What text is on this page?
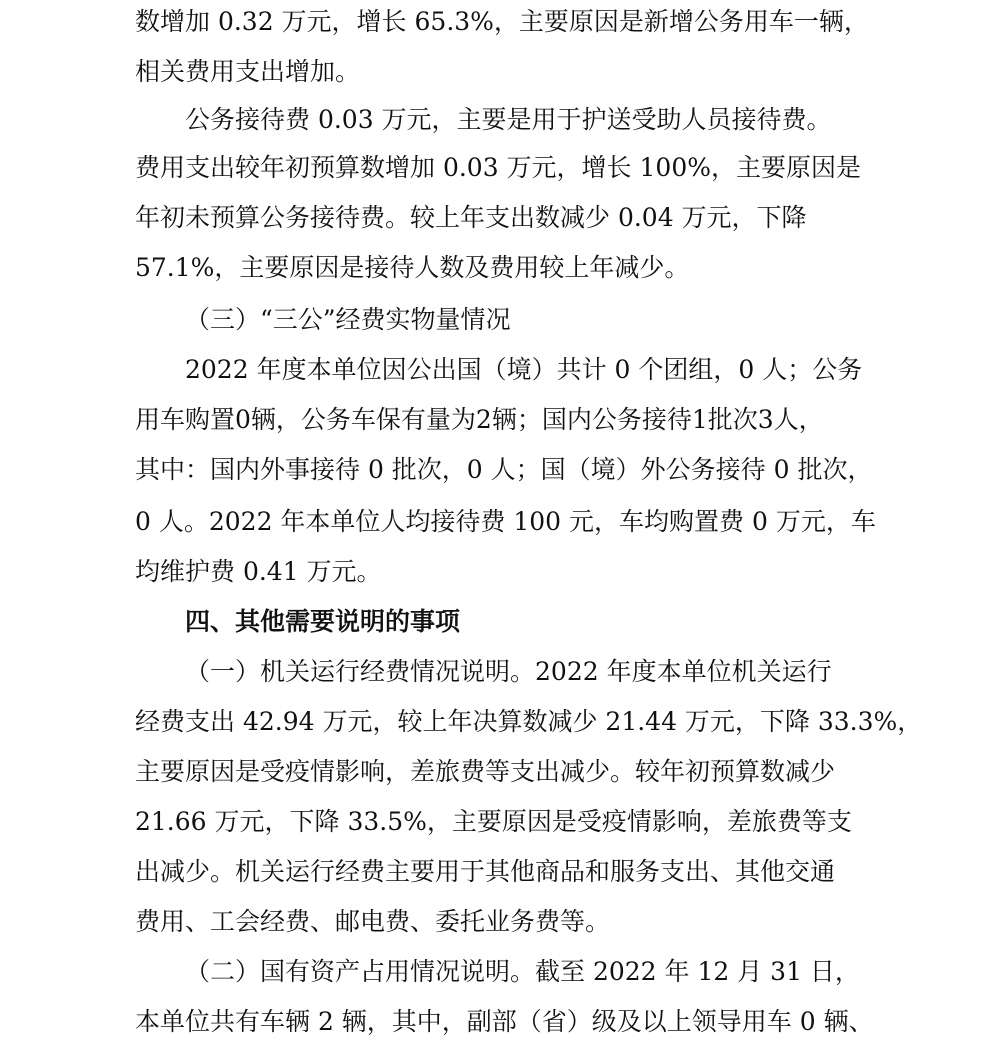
数增加 0.32 万元，增长 65.3%，主要原因是新增公务用车一辆，
相关费用支出增加。
公务接待费 0.03 万元，主要是用于护送受助人员接待费。
费用支出较年初预算数增加 0.03 万元，增长 100%，主要原因是
年初未预算公务接待费。较上年支出数减少 0.04 万元，下降
57.1%，主要原因是接待人数及费用较上年减少。
（三）“三公”经费实物量情况
2022 年度本单位因公出国（境）共计 0 个团组，0 人；公务
用车购置0辆，公务车保有量为2辆；国内公务接待1批次3人，
其中：国内外事接待 0 批次，0 人；国（境）外公务接待 0 批次，
0 人。2022 年本单位人均接待费 100 元，车均购置费 0 万元，车
均维护费 0.41 万元。
四、其他需要说明的事项
（一）机关运行经费情况说明。2022 年度本单位机关运行
经费支出 42.94 万元，较上年决算数减少 21.44 万元，下降 33.3%，
主要原因是受疫情影响，差旅费等支出减少。较年初预算数减少
21.66 万元，下降 33.5%，主要原因是受疫情影响，差旅费等支
出减少。机关运行经费主要用于其他商品和服务支出、其他交通
费用、工会经费、邮电费、委托业务费等。
（二）国有资产占用情况说明。截至 2022 年 12 月 31 日，
本单位共有车辆 2 辆，其中，副部（省）级及以上领导用车 0 辆、
